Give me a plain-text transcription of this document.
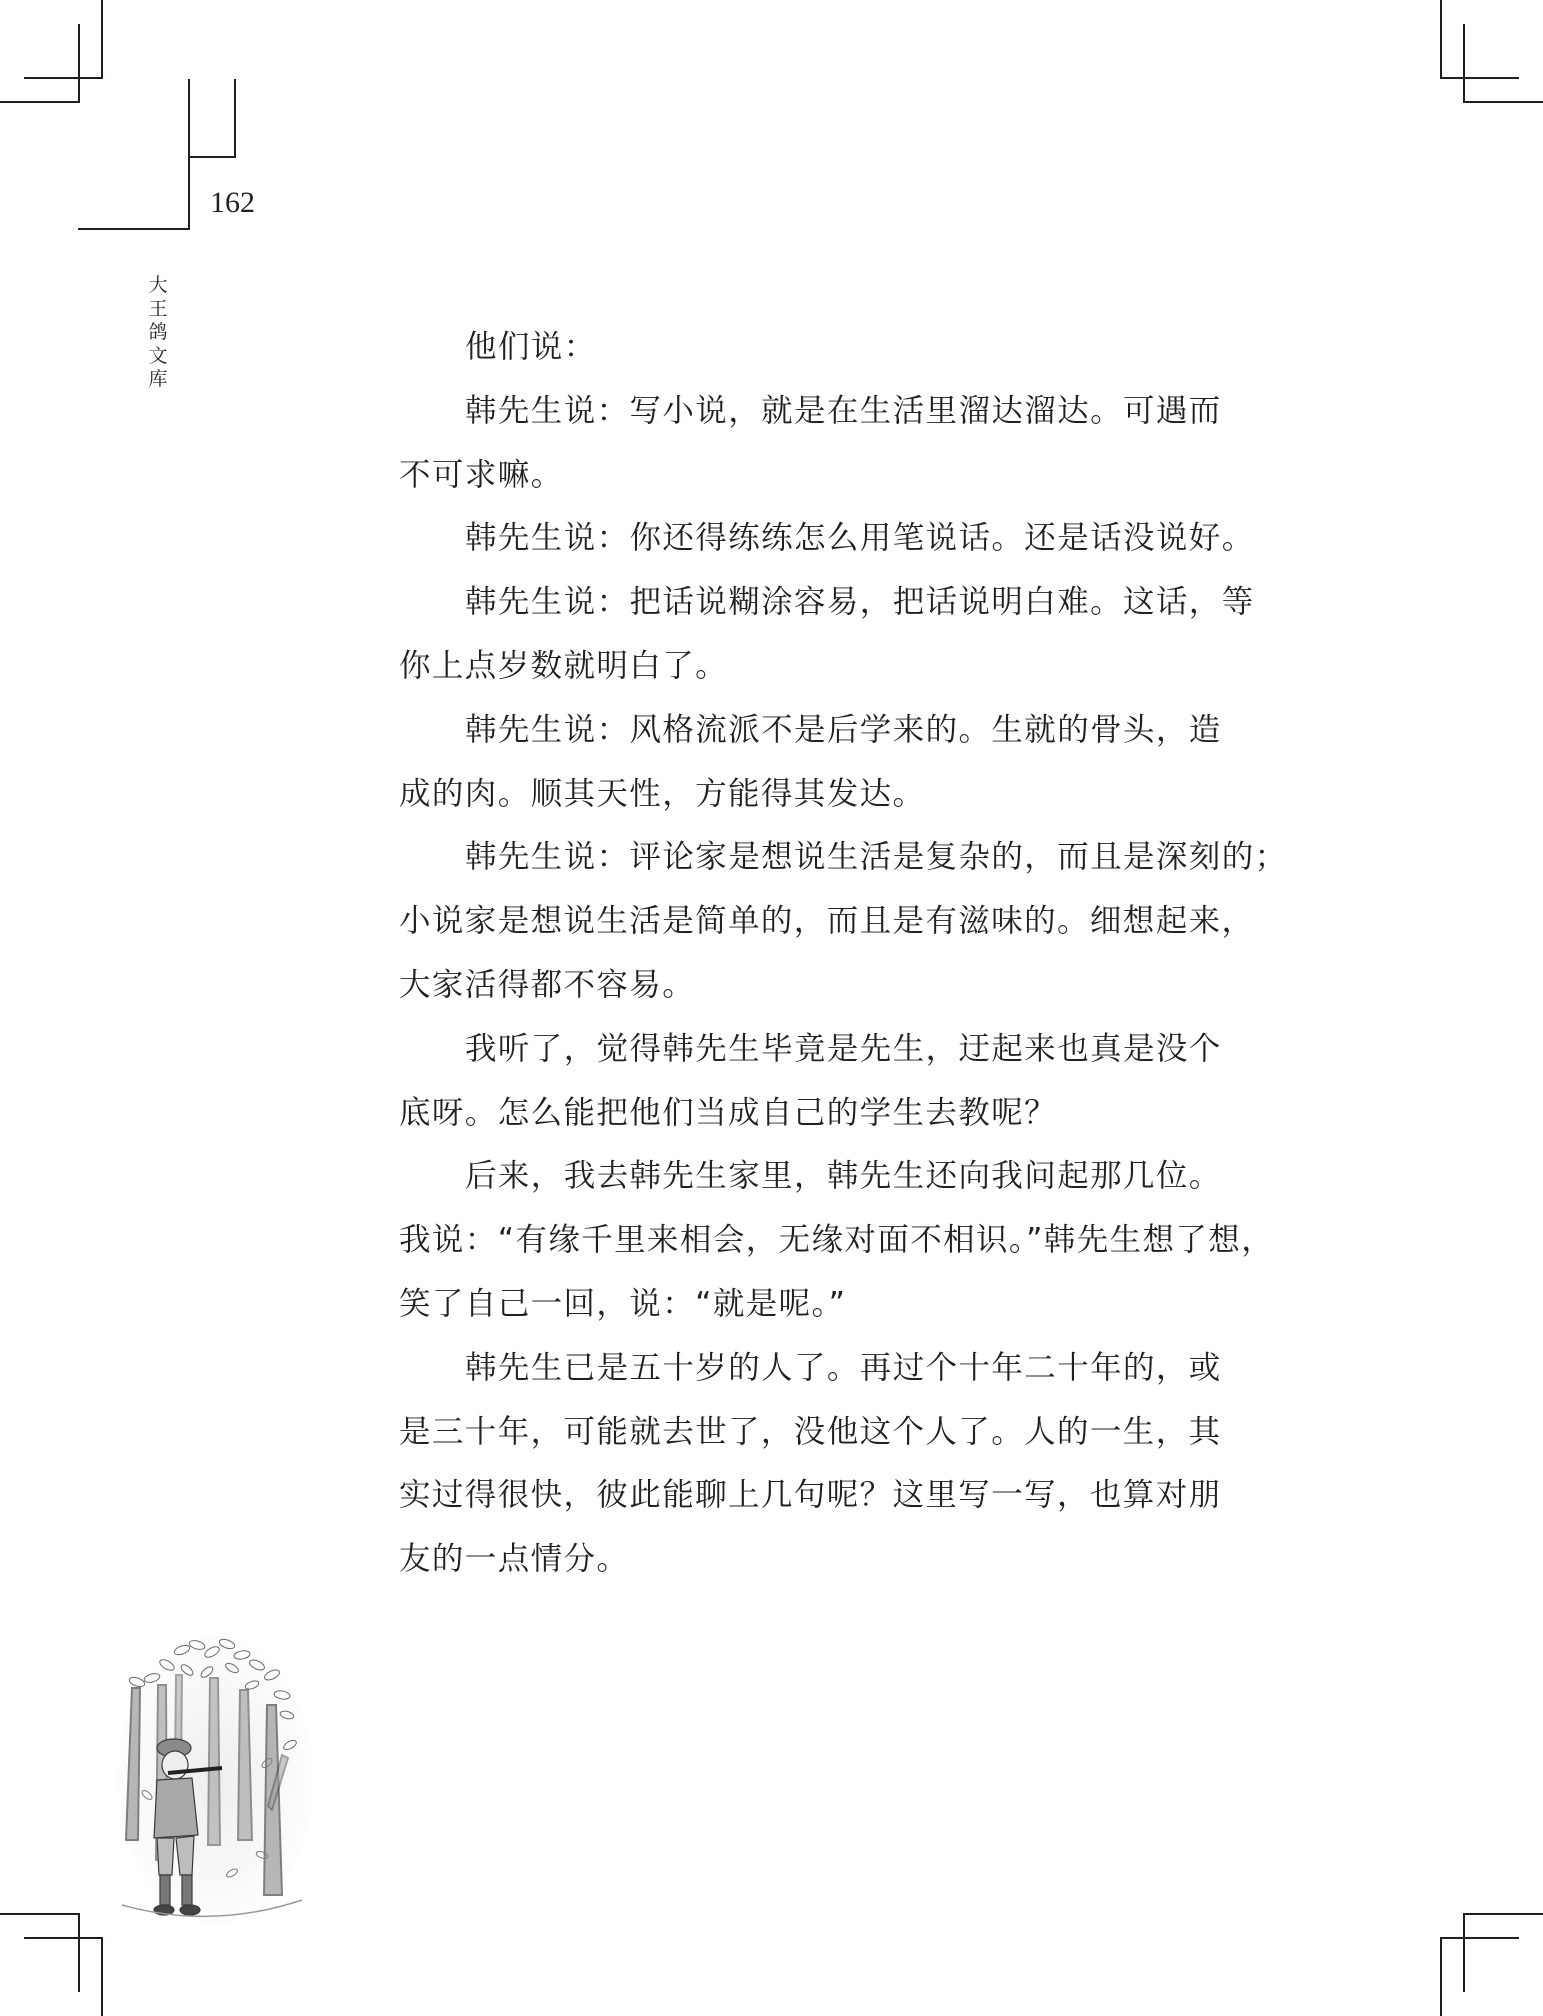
162
大
王
鸽
文
库
他们说：
韩先生说：写小说，就是在生活里溜达溜达。可遇而
不可求嘛。
韩先生说：你还得练练怎么用笔说话。还是话没说好。
韩先生说：把话说糊涂容易，把话说明白难。这话，等
你上点岁数就明白了。
韩先生说：风格流派不是后学来的。生就的骨头，造
成的肉。顺其天性，方能得其发达。
韩先生说：评论家是想说生活是复杂的，而且是深刻的；
小说家是想说生活是简单的，而且是有滋味的。细想起来，
大家活得都不容易。
我听了，觉得韩先生毕竟是先生，迂起来也真是没个
底呀。怎么能把他们当成自己的学生去教呢？
后来，我去韩先生家里，韩先生还向我问起那几位。
我说：“有缘千里来相会，无缘对面不相识。”韩先生想了想，
笑了自己一回，说：“就是呢。”
韩先生已是五十岁的人了。再过个十年二十年的，或
是三十年，可能就去世了，没他这个人了。人的一生，其
实过得很快，彼此能聊上几句呢？这里写一写，也算对朋
友的一点情分。
